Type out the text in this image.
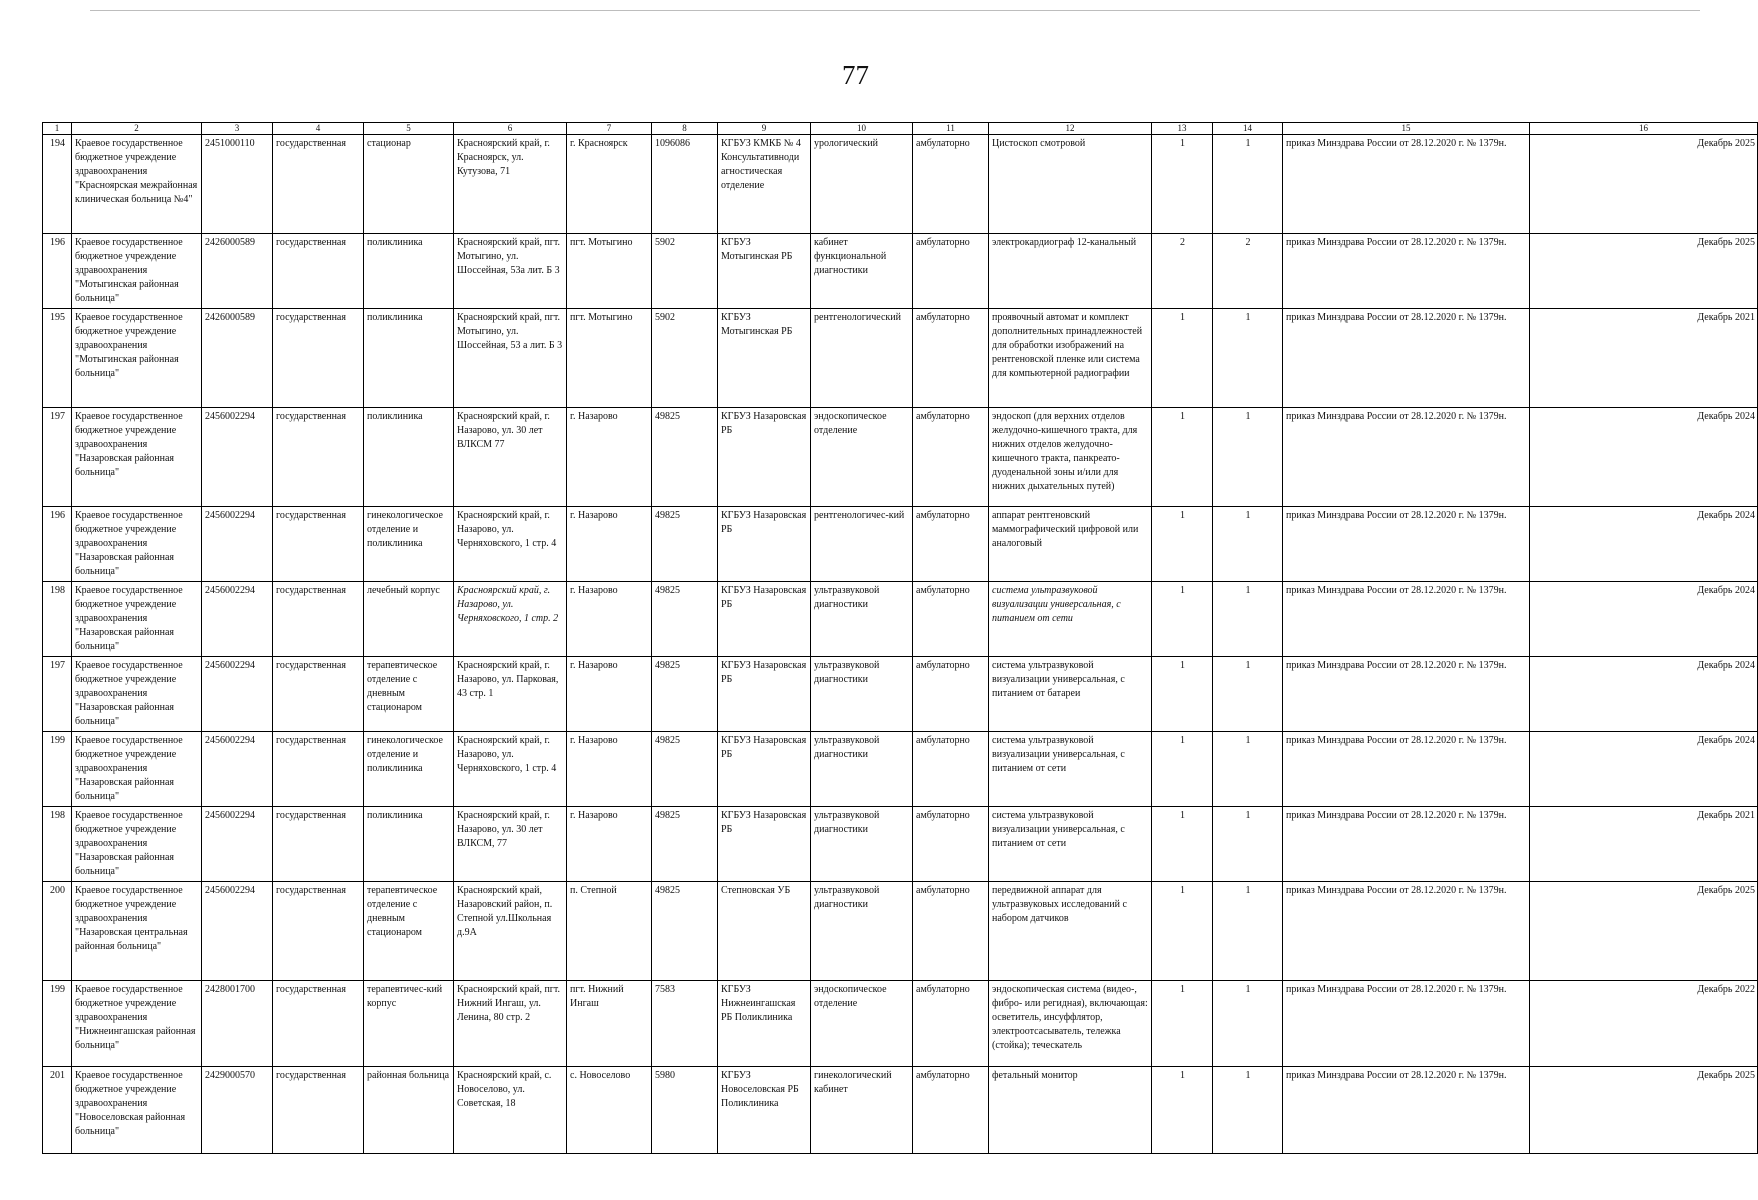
77
1	2	3	4	5	6	7	8	9	10	11	12	13	14	15	16
194	Краевое государственное бюджетное учреждение здравоохранения "Красноярская межрайонная клиническая больница №4"	2451000110	государственная	стационар	Красноярский край, г. Красноярск, ул. Кутузова, 71	г. Красноярск	1096086	КГБУЗ КМКБ № 4 Консультативноди агностическая отделение	урологический	амбулаторно	Цистоскоп смотровой	1	1	приказ Минздрава России от 28.12.2020 г. № 1379н.	Декабрь 2025
196	Краевое государственное бюджетное учреждение здравоохранения "Мотыгинская районная больница"	2426000589	государственная	поликлиника	Красноярский край, пгт. Мотыгино, ул. Шоссейная, 53а лит. Б 3	пгт. Мотыгино	5902	КГБУЗ Мотыгинская РБ	кабинет функциональной диагностики	амбулаторно	электрокардиограф 12-канальный	2	2	приказ Минздрава России от 28.12.2020 г. № 1379н.	Декабрь 2025
195	Краевое государственное бюджетное учреждение здравоохранения "Мотыгинская районная больница"	2426000589	государственная	поликлиника	Красноярский край, пгт. Мотыгино, ул. Шоссейная, 53 а лит. Б 3	пгт. Мотыгино	5902	КГБУЗ Мотыгинская РБ	рентгенологический	амбулаторно	проявочный автомат и комплект дополнительных принадлежностей для обработки изображений на рентгеновской пленке или система для компьютерной радиографии	1	1	приказ Минздрава России от 28.12.2020 г. № 1379н.	Декабрь 2021
197	Краевое государственное бюджетное учреждение здравоохранения "Назаровская районная больница"	2456002294	государственная	поликлиника	Красноярский край, г. Назарово, ул. 30 лет ВЛКСМ 77	г. Назарово	49825	КГБУЗ Назаровская РБ	эндоскопическое отделение	амбулаторно	эндоскоп (для верхних отделов желудочно-кишечного тракта, для нижних отделов желудочно-кишечного тракта, панкреато-дуоденальной зоны и/или для нижних дыхательных путей)	1	1	приказ Минздрава России от 28.12.2020 г. № 1379н.	Декабрь 2024
196	Краевое государственное бюджетное учреждение здравоохранения "Назаровская районная больница"	2456002294	государственная	гинекологическое отделение и поликлиника	Красноярский край, г. Назарово, ул. Черняховского, 1 стр. 4	г. Назарово	49825	КГБУЗ Назаровская РБ	рентгенологичес-кий	амбулаторно	аппарат рентгеновский маммографический цифровой или аналоговый	1	1	приказ Минздрава России от 28.12.2020 г. № 1379н.	Декабрь 2024
198	Краевое государственное бюджетное учреждение здравоохранения "Назаровская районная больница"	2456002294	государственная	лечебный корпус	Красноярский край, г. Назарово, ул. Черняховского, 1 стр. 2	г. Назарово	49825	КГБУЗ Назаровская РБ	ультразвуковой диагностики	амбулаторно	система ультразвуковой визуализации универсальная, с питанием от сети	1	1	приказ Минздрава России от 28.12.2020 г. № 1379н.	Декабрь 2024
197	Краевое государственное бюджетное учреждение здравоохранения "Назаровская районная больница"	2456002294	государственная	терапевтическое отделение с дневным стационаром	Красноярский край, г. Назарово, ул. Парковая, 43 стр. 1	г. Назарово	49825	КГБУЗ Назаровская РБ	ультразвуковой диагностики	амбулаторно	система ультразвуковой визуализации универсальная, с питанием от батареи	1	1	приказ Минздрава России от 28.12.2020 г. № 1379н.	Декабрь 2024
199	Краевое государственное бюджетное учреждение здравоохранения "Назаровская районная больница"	2456002294	государственная	гинекологическое отделение и поликлиника	Красноярский край, г. Назарово, ул. Черняховского, 1 стр. 4	г. Назарово	49825	КГБУЗ Назаровская РБ	ультразвуковой диагностики	амбулаторно	система ультразвуковой визуализации универсальная, с питанием от сети	1	1	приказ Минздрава России от 28.12.2020 г. № 1379н.	Декабрь 2024
198	Краевое государственное бюджетное учреждение здравоохранения "Назаровская районная больница"	2456002294	государственная	поликлиника	Красноярский край, г. Назарово, ул. 30 лет ВЛКСМ, 77	г. Назарово	49825	КГБУЗ Назаровская РБ	ультразвуковой диагностики	амбулаторно	система ультразвуковой визуализации универсальная, с питанием от сети	1	1	приказ Минздрава России от 28.12.2020 г. № 1379н.	Декабрь 2021
200	Краевое государственное бюджетное учреждение здравоохранения "Назаровская центральная районная больница"	2456002294	государственная	терапевтическое отделение с дневным стационаром	Красноярский край, Назаровский район, п. Степной ул.Школьная д.9А	п. Степной	49825	Степновская УБ	ультразвуковой диагностики	амбулаторно	передвижной аппарат для ультразвуковых исследований с набором датчиков	1	1	приказ Минздрава России от 28.12.2020 г. № 1379н.	Декабрь 2025
199	Краевое государственное бюджетное учреждение здравоохранения "Нижнеингашская районная больница"	2428001700	государственная	терапевтичес-кий корпус	Красноярский край, пгт. Нижний Ингаш, ул. Ленина, 80 стр. 2	пгт. Нижний Ингаш	7583	КГБУЗ Нижнеингашская РБ Поликлиника	эндоскопическое отделение	амбулаторно	эндоскопическая система (видео-, фибро- или регидная), включающая: осветитель, инсуффлятор, электроотсасыватель, тележка (стойка); теческатель	1	1	приказ Минздрава России от 28.12.2020 г. № 1379н.	Декабрь 2022
201	Краевое государственное бюджетное учреждение здравоохранения "Новоселовская районная больница"	2429000570	государственная	районная больница	Красноярский край, с. Новоселово, ул. Советская, 18	с. Новоселово	5980	КГБУЗ Новоселовская РБ Поликлиника	гинекологический кабинет	амбулаторно	фетальный монитор	1	1	приказ Минздрава России от 28.12.2020 г. № 1379н.	Декабрь 2025
